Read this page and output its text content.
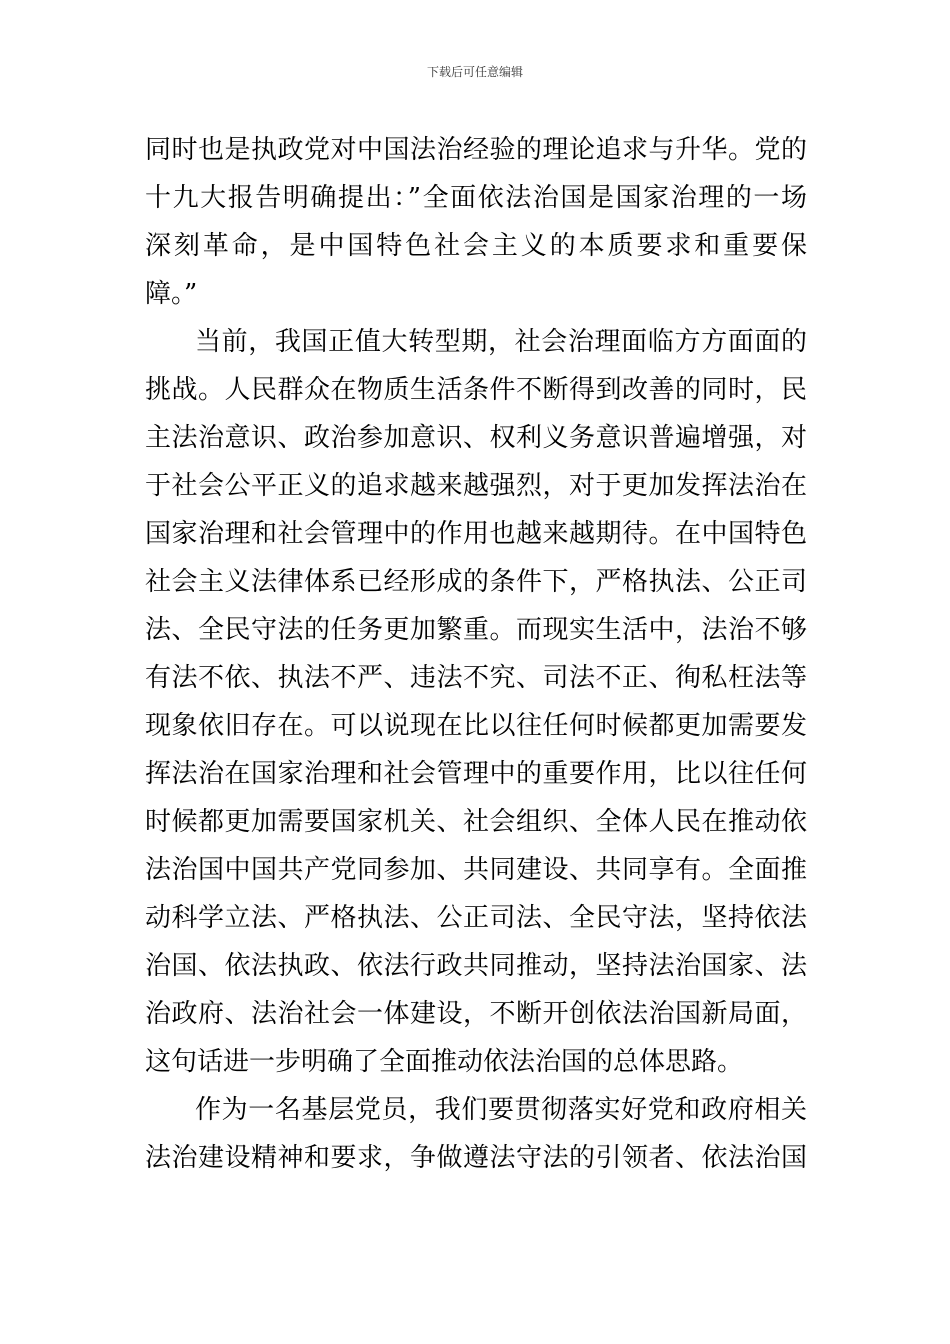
下载后可任意编辑
同时也是执政党对中国法治经验的理论追求与升华。党的
十九大报告明确提出：”全面依法治国是国家治理的一场
深刻革命，是中国特色社会主义的本质要求和重要保
障。”
当前，我国正值大转型期，社会治理面临方方面面的
挑战。人民群众在物质生活条件不断得到改善的同时，民
主法治意识、政治参加意识、权利义务意识普遍增强，对
于社会公平正义的追求越来越强烈，对于更加发挥法治在
国家治理和社会管理中的作用也越来越期待。在中国特色
社会主义法律体系已经形成的条件下，严格执法、公正司
法、全民守法的任务更加繁重。而现实生活中，法治不够
有法不依、执法不严、违法不究、司法不正、徇私枉法等
现象依旧存在。可以说现在比以往任何时候都更加需要发
挥法治在国家治理和社会管理中的重要作用，比以往任何
时候都更加需要国家机关、社会组织、全体人民在推动依
法治国中国共产党同参加、共同建设、共同享有。全面推
动科学立法、严格执法、公正司法、全民守法，坚持依法
治国、依法执政、依法行政共同推动，坚持法治国家、法
治政府、法治社会一体建设，不断开创依法治国新局面，
这句话进一步明确了全面推动依法治国的总体思路。
作为一名基层党员，我们要贯彻落实好党和政府相关
法治建设精神和要求，争做遵法守法的引领者、依法治国
